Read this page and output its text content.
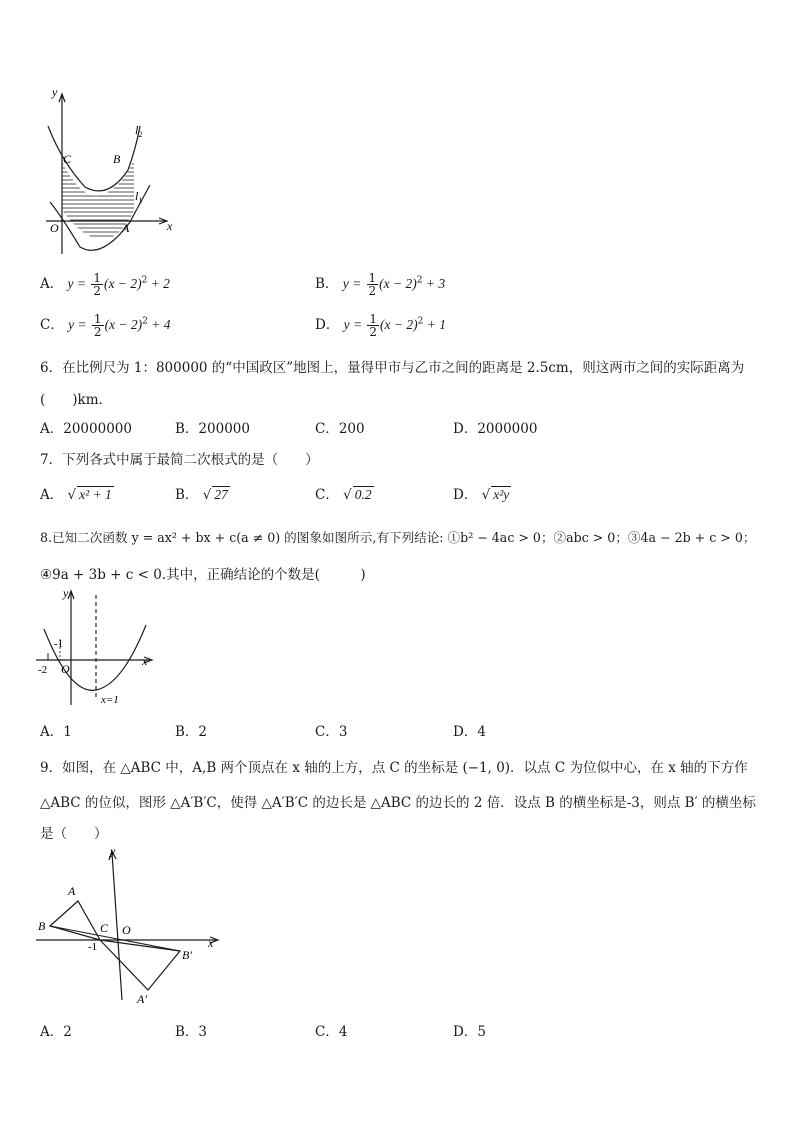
y
x
$l_2$
$l_1$
C	B
O	A
A． $y = \frac{1}{2} (x - 2)^2 + 2$	B． $y = \frac{1}{2} (x - 2)^2 + 3$
C． $y = \frac{1}{2} (x - 2)^2 + 4$	D． $y = \frac{1}{2} (x - 2)^2 + 1$
6．在比例尺为 1：800000 的“中国政区”地图上，量得甲市与乙市之间的距离是 2.5cm，则这两市之间的实际距离为
(　　)km．
A．20000000	B．200000	C．200	D．2000000
7．下列各式中属于最简二次根式的是（　　）
A． √ x² + 1	B． √ 27	C． √ 0.2	D． √ x²y
8.已知二次函数 y = ax² + bx + c(a ≠ 0) 的图象如图所示,有下列结论: ①b² − 4ac > 0；②abc > 0；③4a − 2b + c > 0；
④9a + 3b + c < 0.其中，正确结论的个数是(　　　)
y
x
O
-1
-2
x=1
A．1	B．2	C．3	D．4
9．如图，在 △ABC 中，A,B 两个顶点在 x 轴的上方，点 C 的坐标是 (−1, 0)．以点 C 为位似中心，在 x 轴的下方作
△ABC 的位似，图形 △A′B′C，使得 △A′B′C 的边长是 △ABC 的边长的 2 倍．设点 B 的横坐标是-3，则点 B′ 的横坐标
是（　　）
y
x
A
B	C O
-1
B′
A′
A．2	B．3	C．4	D．5
